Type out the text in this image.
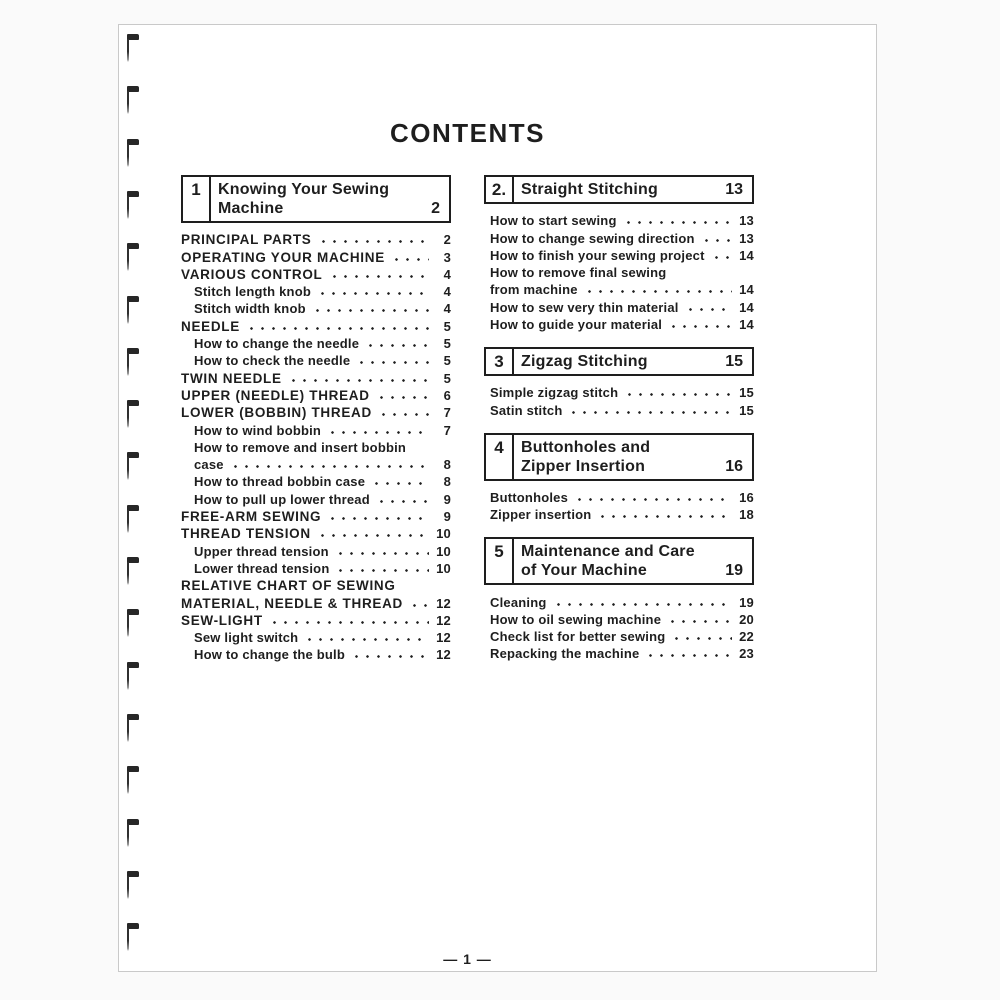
CONTENTS
1	Knowing Your Sewing
Machine	2
PRINCIPAL PARTS	2
OPERATING YOUR MACHINE	3
VARIOUS CONTROL	4
Stitch length knob	4
Stitch width knob	4
NEEDLE	5
How to change the needle	5
How to check the needle	5
TWIN NEEDLE	5
UPPER (NEEDLE) THREAD	6
LOWER (BOBBIN) THREAD	7
How to wind bobbin	7
How to remove and insert bobbin
case	8
How to thread bobbin case	8
How to pull up lower thread	9
FREE-ARM SEWING	9
THREAD TENSION	10
Upper thread tension	10
Lower thread tension	10
RELATIVE CHART OF SEWING
MATERIAL, NEEDLE & THREAD	12
SEW-LIGHT	12
Sew light switch	12
How to change the bulb	12
2. Straight Stitching	13
How to start sewing	13
How to change sewing direction	13
How to finish your sewing project	14
How to remove final sewing
from machine	14
How to sew very thin material	14
How to guide your material	14
3	Zigzag Stitching	15
Simple zigzag stitch	15
Satin stitch	15
4	Buttonholes and
Zipper Insertion	16
Buttonholes	16
Zipper insertion	18
5	Maintenance and Care
of Your Machine	19
Cleaning	19
How to oil sewing machine	20
Check list for better sewing	22
Repacking the machine	23
— 1 —
